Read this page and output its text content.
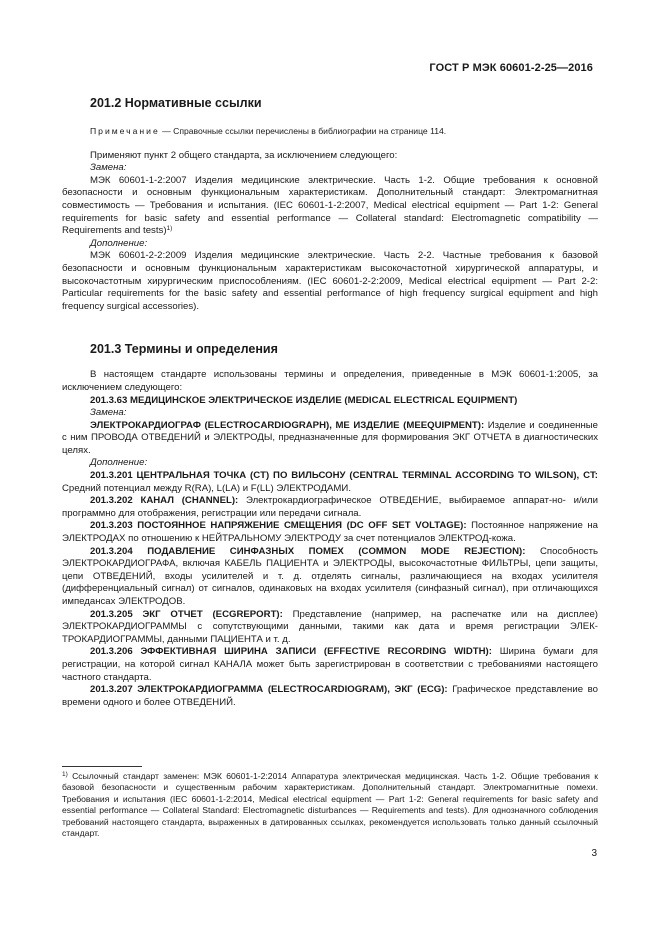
ГОСТ Р МЭК 60601-2-25—2016
201.2 Нормативные ссылки

Примечание — Справочные ссылки перечислены в библиографии на странице 114.

Применяют пункт 2 общего стандарта, за исключением следующего:

Замена:

МЭК 60601-1-2:2007 Изделия медицинские электрические. Часть 1-2. Общие требования к основной безопасности и основным функциональным характеристикам. Дополнительный стандарт: Электромагнитная совместимость — Требования и испытания. (IEC 60601-1-2:2007, Medical electrical equipment — Part 1-2: General requirements for basic safety and essential performance — Collateral standard: Electromagnetic compatibility — Requirements and tests)$^{1)}$

Дополнение:

МЭК 60601-2-2:2009 Изделия медицинские электрические. Часть 2-2. Частные требования к базовой безопасности и основным функциональным характеристикам высокочастотной хирургической аппаратуры, и высокочастотным хирургическим приспособлениям. (IEC 60601-2-2:2009, Medical electrical equipment — Part 2-2: Particular requirements for the basic safety and essential performance of high frequency surgical equipment and high frequency surgical accessories).

201.3 Термины и определения

В настоящем стандарте использованы термины и определения, приведенные в МЭК 60601-1:2005, за исключением следующего:

201.3.63 МЕДИЦИНСКОЕ ЭЛЕКТРИЧЕСКОЕ ИЗДЕЛИЕ (MEDICAL ELECTRICAL EQUIPMENT)

Замена:

ЭЛЕКТРОКАРДИОГРАФ (ELECTROCARDIOGRAPH), МЕ ИЗДЕЛИЕ (MEEQUIPMENT): Изделие и соединенные с ним ПРОВОДА ОТВЕДЕНИЙ и ЭЛЕКТРОДЫ, предназначенные для формирования ЭКГ ОТЧЕТА в диагностических целях.

Дополнение:

201.3.201 ЦЕНТРАЛЬНАЯ ТОЧКА (CT) ПО ВИЛЬСОНУ (CENTRAL TERMINAL ACCORDING TO WILSON), CT: Средний потенциал между R(RA), L(LA) и F(LL) ЭЛЕКТРОДАМИ.

201.3.202 КАНАЛ (CHANNEL): Электрокардиографическое ОТВЕДЕНИЕ, выбираемое аппарат-но- и/или программно для отображения, регистрации или передачи сигнала.

201.3.203 ПОСТОЯННОЕ НАПРЯЖЕНИЕ СМЕЩЕНИЯ (DC OFF SET VOLTAGE): Постоянное напряжение на ЭЛЕКТРОДАХ по отношению к НЕЙТРАЛЬНОМУ ЭЛЕКТРОДУ за счет потенциалов ЭЛЕКТРОД-кожа.

201.3.204 ПОДАВЛЕНИЕ СИНФАЗНЫХ ПОМЕХ (COMMON MODE REJECTION): Способность ЭЛЕКТРОКАРДИОГРАФА, включая КАБЕЛЬ ПАЦИЕНТА и ЭЛЕКТРОДЫ, высокочастотные ФИЛЬТРЫ, цепи защиты, цепи ОТВЕДЕНИЙ, входы усилителей и т. д. отделять сигналы, различающиеся на входах усилителя (дифференциальный сигнал) от сигналов, одинаковых на входах усилителя (синфазный сигнал), при отличающихся импедансах ЭЛЕКТРОДОВ.

201.3.205 ЭКГ ОТЧЕТ (ECGREPORT): Представление (например, на распечатке или на дисплее) ЭЛЕКТРОКАРДИОГРАММЫ с сопутствующими данными, такими как дата и время регистрации ЭЛЕК-ТРОКАРДИОГРАММЫ, данными ПАЦИЕНТА и т. д.

201.3.206 ЭФФЕКТИВНАЯ ШИРИНА ЗАПИСИ (EFFECTIVE RECORDING WIDTH): Ширина бумаги для регистрации, на которой сигнал КАНАЛА может быть зарегистрирован в соответствии с требованиями настоящего частного стандарта.

201.3.207 ЭЛЕКТРОКАРДИОГРАММА (ELECTROCARDIOGRAM), ЭКГ (ECG): Графическое представление во времени одного и более ОТВЕДЕНИЙ.

$^{1)}$ Ссылочный стандарт заменен: МЭК 60601-1-2:2014 Аппаратура электрическая медицинская. Часть 1-2. Общие требования к базовой безопасности и существенным рабочим характеристикам. Дополнительный стандарт. Электромагнитные помехи. Требования и испытания (IEC 60601-1-2:2014, Medical electrical equipment — Part 1-2: General requirements for basic safety and essential performance — Collateral Standard: Electromagnetic disturbances — Requirements and tests). Для однозначного соблюдения требований настоящего стандарта, выраженных в датированных ссылках, рекомендуется использовать только данный ссылочный стандарт.

3
